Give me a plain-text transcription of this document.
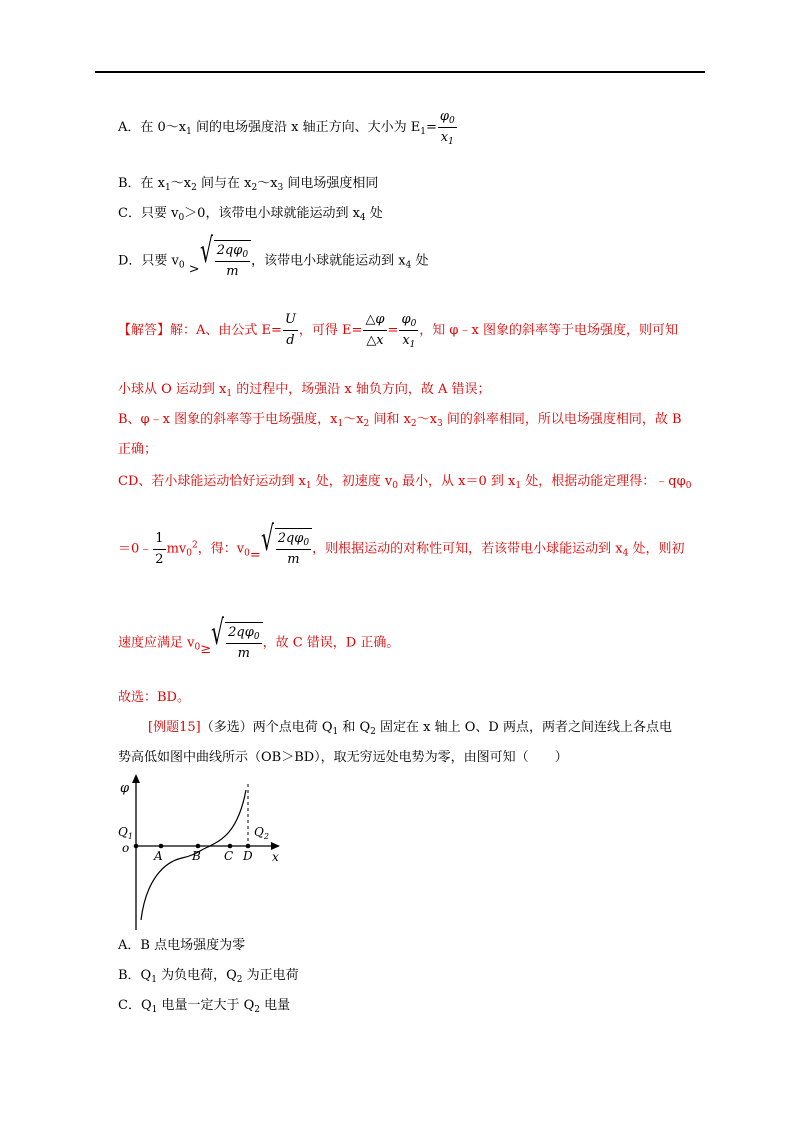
A．在 $0\sim x_1$ 间的电场强度沿 x 轴正方向、大小为 $E_1= \frac{\varphi_0}{x_1}$
B．在 $x_1\sim x_2$ 间与在 $x_2\sim x_3$ 间电场强度相同
C．只要 $v_0>0$，该带电小球就能运动到 $x_4$ 处
D．只要 $v_0$ > √ $\frac{2q\varphi_0}{m}$ ，该带电小球就能运动到 $x_4$ 处
【解答】解：A、由公式 $E= \frac{U}{d}$ ，可得 $E= \frac{\triangle\varphi}{\triangle x} = \frac{\varphi_0}{x_1}$ ，知 φ﹣x 图象的斜率等于电场强度，则可知
小球从 O 运动到 $x_1$ 的过程中，场强沿 x 轴负方向，故 A 错误；
B、φ﹣x 图象的斜率等于电场强度，$x_1\sim x_2$ 间和 $x_2\sim x_3$ 间的斜率相同，所以电场强度相同，故 B
正确；
CD、若小球能运动恰好运动到 $x_1$ 处，初速度 $v_0$ 最小，从 x＝0 到 $x_1$ 处，根据动能定理得：$﹣q\varphi_0$
＝0﹣ $\frac{1}{2} mv_0^2$，得：$v_0=$ √ $\frac{2q\varphi_0}{m}$ ，则根据运动的对称性可知，若该带电小球能运动到 $x_4$ 处，则初
速度应满足 $v_0\ge$ √ $\frac{2q\varphi_0}{m}$ ，故 C 错误，D 正确。
故选：BD。
[例题15]（多选）两个点电荷 $Q_1$ 和 $Q_2$ 固定在 x 轴上 O、D 两点，两者之间连线上各点电
势高低如图中曲线所示（OB＞BD），取无穷远处电势为零，由图可知（　　）
φ
$Q_1$	$Q_2$
o
A B C D x
A．B 点电场强度为零
B．$Q_1$ 为负电荷，$Q_2$ 为正电荷
C．$Q_1$ 电量一定大于 $Q_2$ 电量
